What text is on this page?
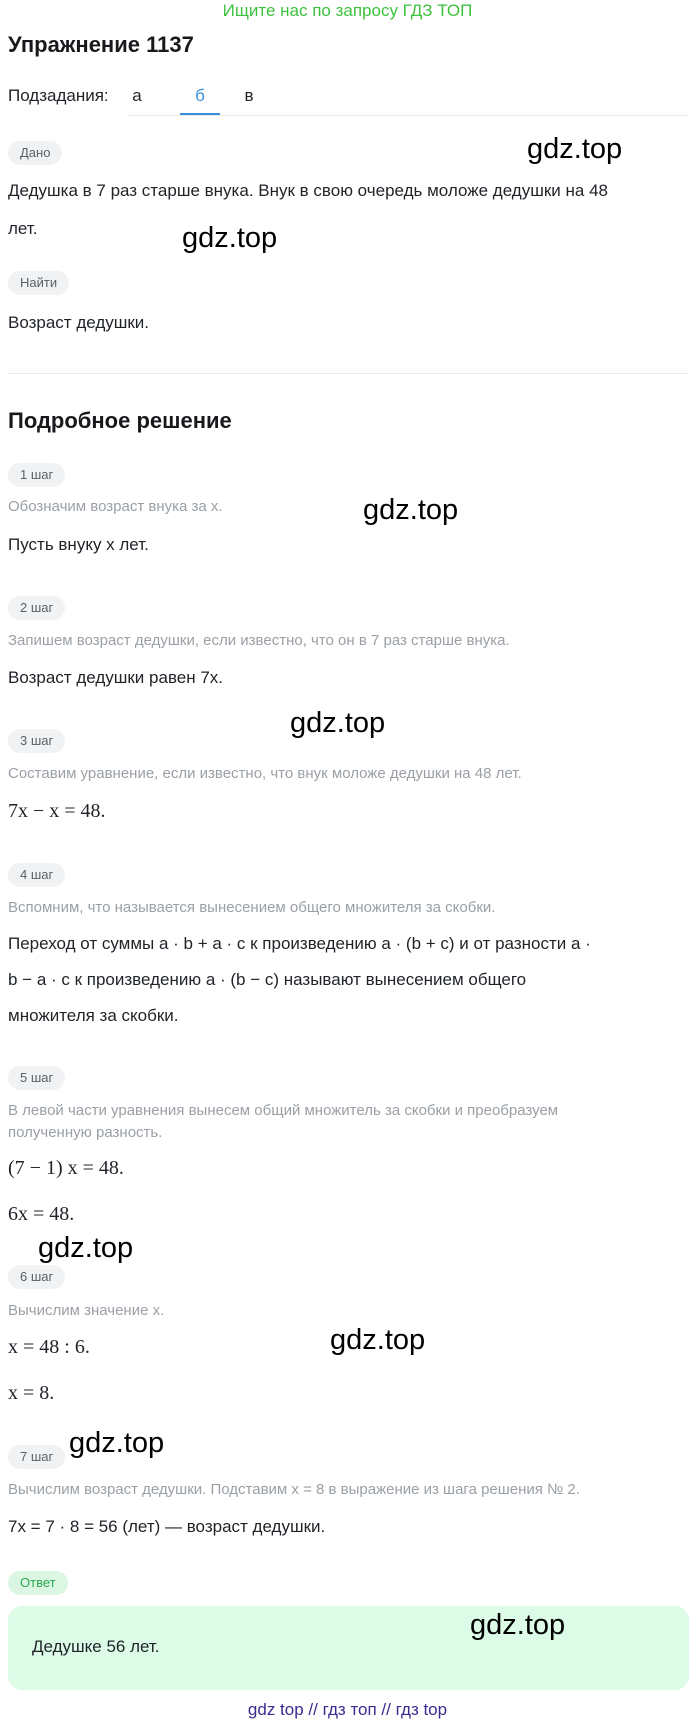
Ищите нас по запросу ГДЗ ТОП
Упражнение 1137
Подзадания:	а	б	в
Дано
Дедушка в 7 раз старше внука. Внук в свою очередь моложе дедушки на 48
лет.
Найти
Возраст дедушки.
Подробное решение
1 шаг
Обозначим возраст внука за x.
Пусть внуку x лет.
2 шаг
Запишем возраст дедушки, если известно, что он в 7 раз старше внука.
Возраст дедушки равен 7x.
3 шаг
Составим уравнение, если известно, что внук моложе дедушки на 48 лет.
7x − x = 48.
4 шаг
Вспомним, что называется вынесением общего множителя за скобки.
Переход от суммы a · b + a · c к произведению a · (b + c) и от разности a ·
b − a · c к произведению a · (b − c) называют вынесением общего
множителя за скобки.
5 шаг
В левой части уравнения вынесем общий множитель за скобки и преобразуем
полученную разность.
(7 − 1) x = 48.
6x = 48.
6 шаг
Вычислим значение x.
x = 48 : 6.
x = 8.
7 шаг
Вычислим возраст дедушки. Подставим x = 8 в выражение из шага решения № 2.
7x = 7 · 8 = 56 (лет) — возраст дедушки.
Ответ
Дедушке 56 лет.
gdz.top
gdz.top
gdz.top
gdz.top
gdz.top
gdz.top
gdz.top
gdz.top
gdz top // гдз топ // гдз top
